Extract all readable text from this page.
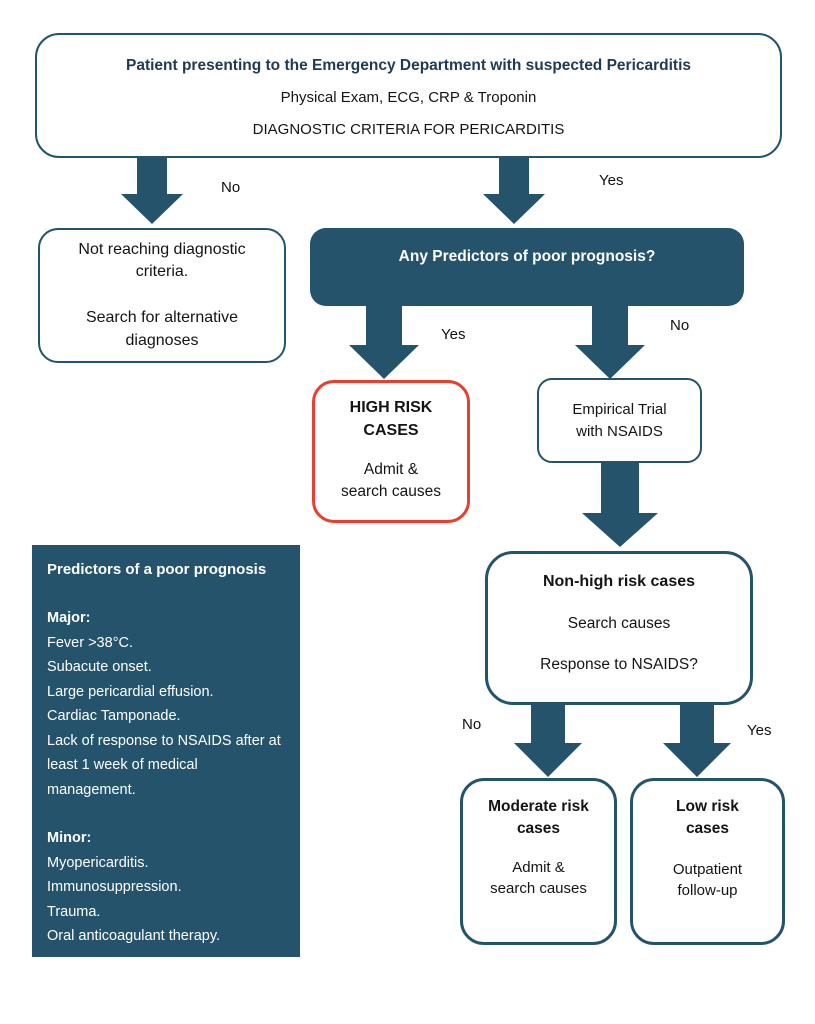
Patient presenting to the Emergency Department with suspected Pericarditis

Physical Exam, ECG, CRP & Troponin

DIAGNOSTIC CRITERIA FOR PERICARDITIS

No	Yes

Not reaching diagnostic criteria.

Search for alternative diagnoses

Any Predictors of poor prognosis?

Yes
No

HIGH RISK

CASES

Admit &

search causes

Empirical Trial

with NSAIDS

Non-high risk cases

Search causes

Response to NSAIDS?

No	Yes

Moderate risk

cases

Admit &

search causes

Low risk

cases

Outpatient

follow-up

Predictors of a poor prognosis

Major:

Fever >38°C.

Subacute onset.

Large pericardial effusion.

Cardiac Tamponade.

Lack of response to NSAIDS after at least 1 week of medical management.

Minor:

Myopericarditis.

Immunosuppression.

Trauma.

Oral anticoagulant therapy.
